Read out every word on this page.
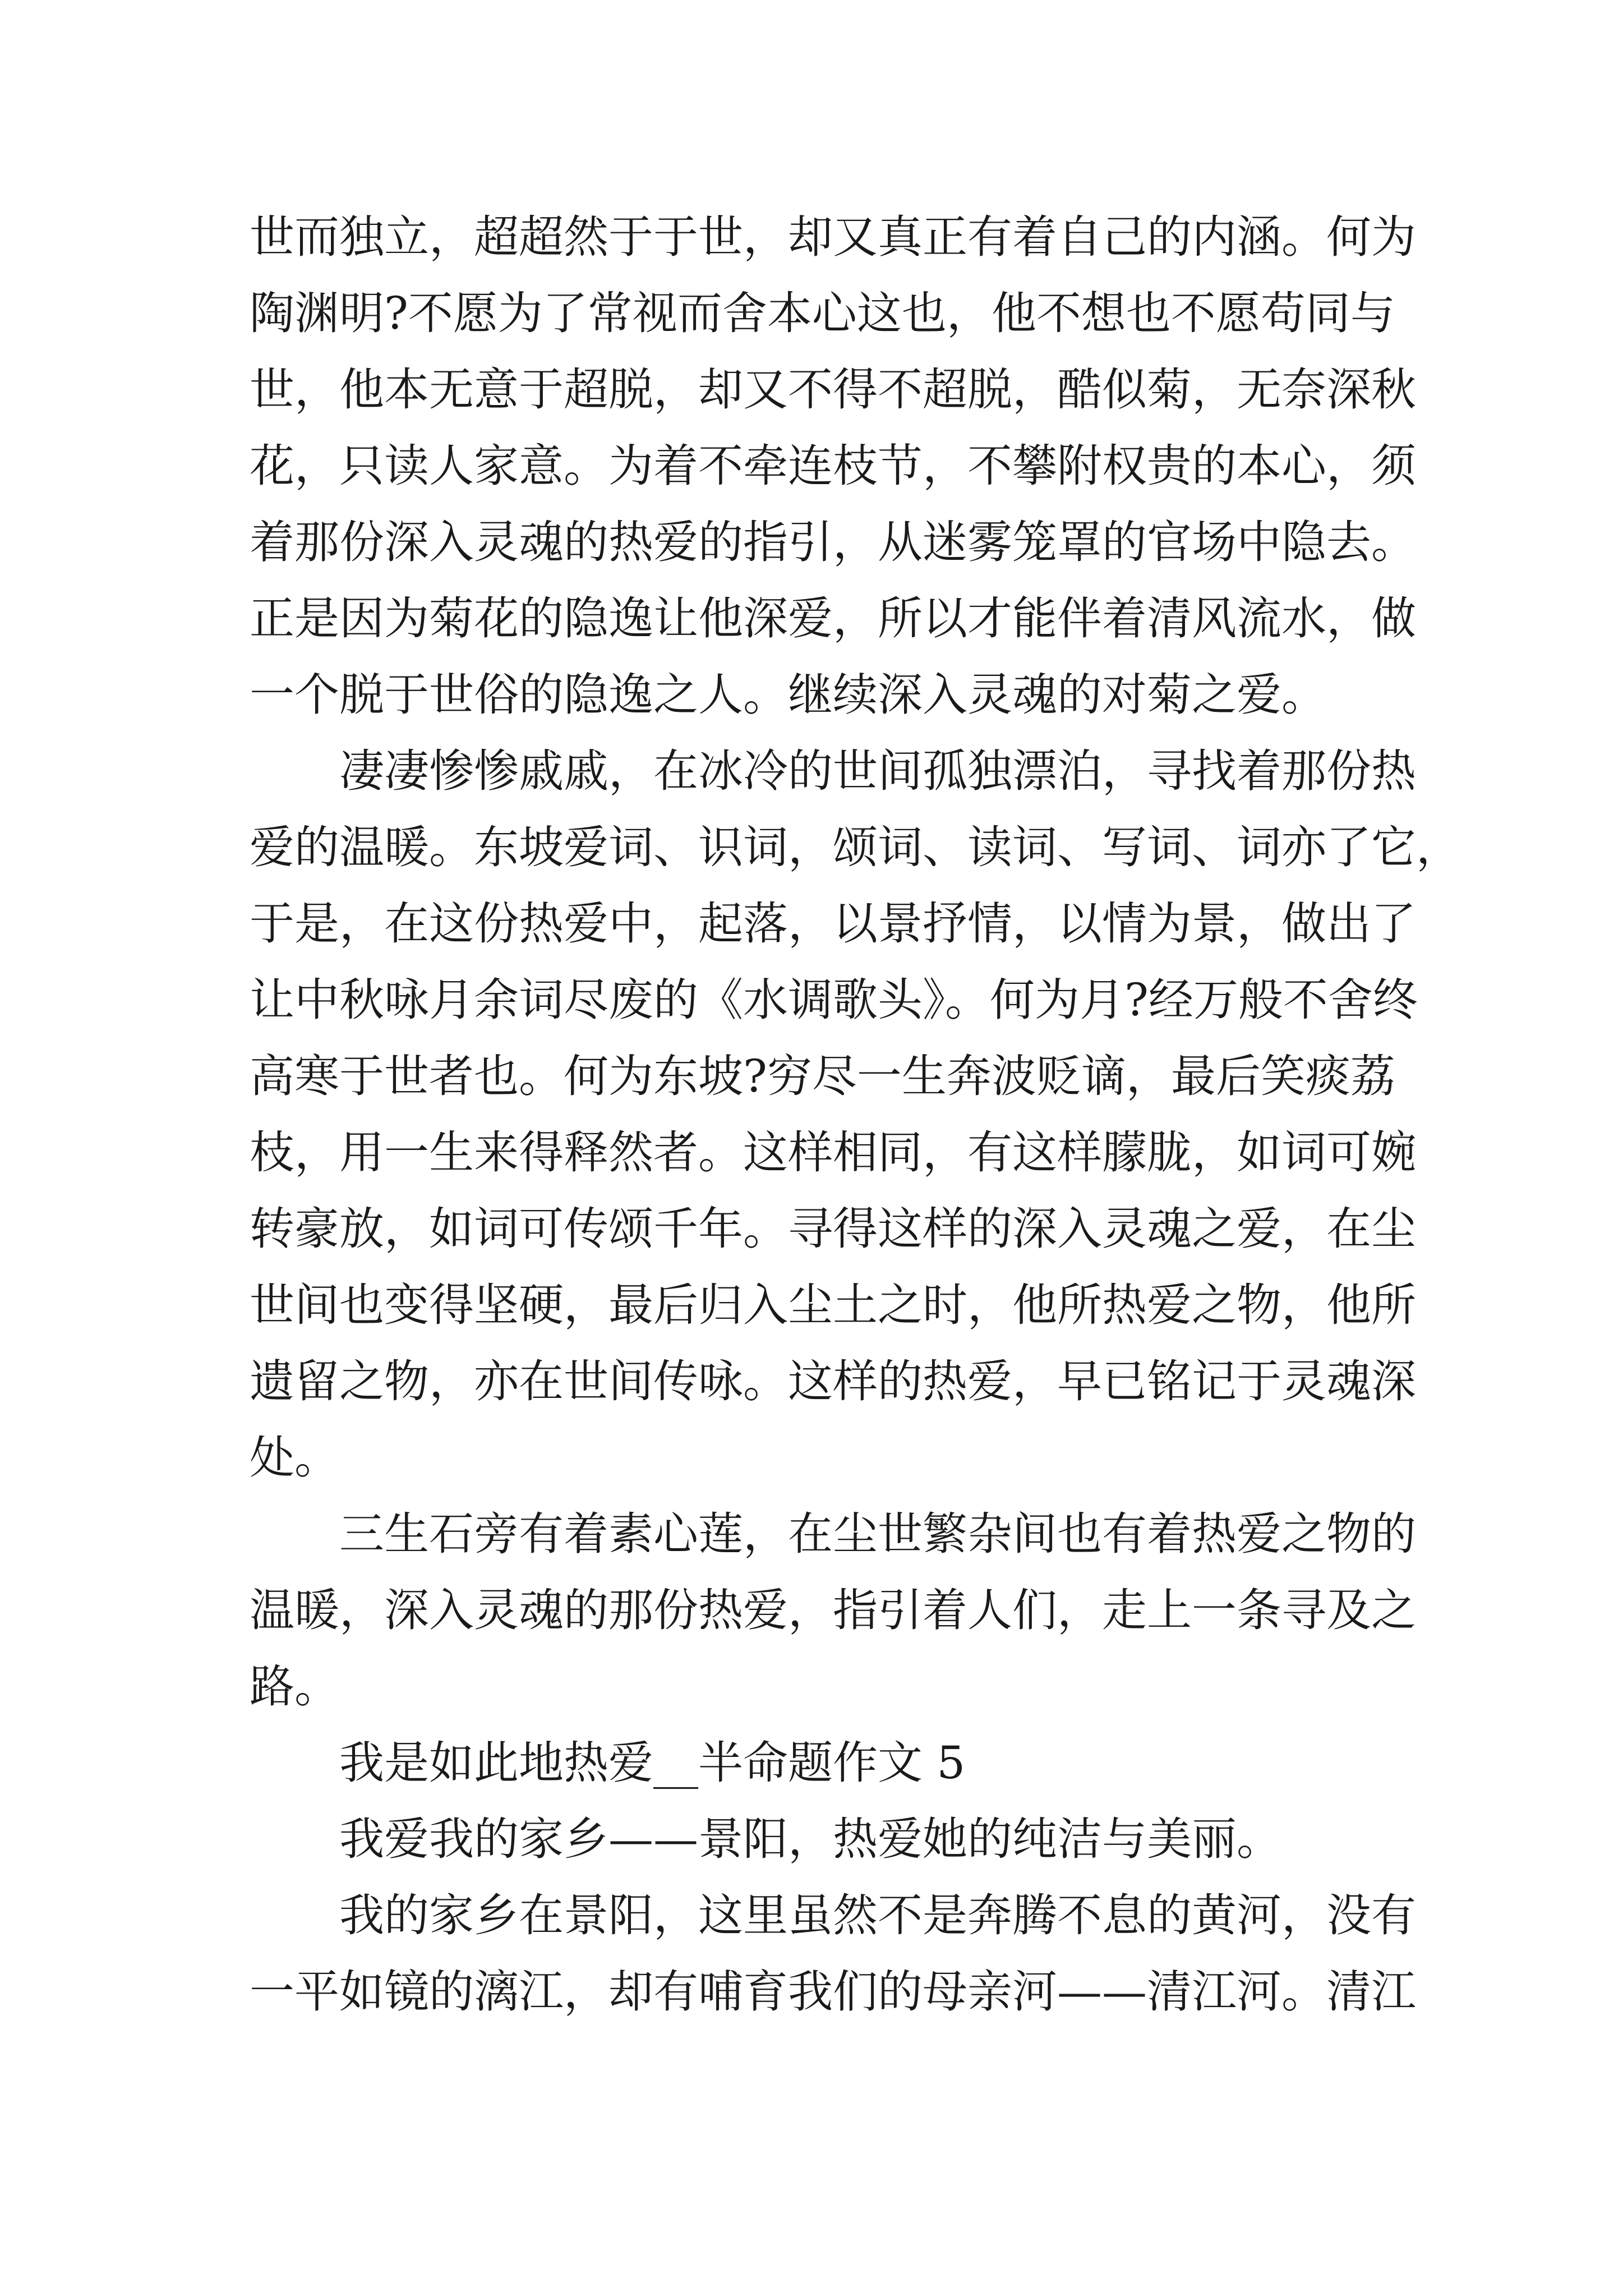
世而独立，超超然于于世，却又真正有着自己的内涵。何为
陶渊明?不愿为了常视而舍本心这也，他不想也不愿苟同与
世，他本无意于超脱，却又不得不超脱，酷似菊，无奈深秋
花，只读人家意。为着不牵连枝节，不攀附权贵的本心，须
着那份深入灵魂的热爱的指引，从迷雾笼罩的官场中隐去。
正是因为菊花的隐逸让他深爱，所以才能伴着清风流水，做
一个脱于世俗的隐逸之人。继续深入灵魂的对菊之爱。
凄凄惨惨戚戚，在冰冷的世间孤独漂泊，寻找着那份热
爱的温暖。东坡爱词、识词，颂词、读词、写词、词亦了它，
于是，在这份热爱中，起落，以景抒情，以情为景，做出了
让中秋咏月余词尽废的《水调歌头》。何为月?经万般不舍终
高寒于世者也。何为东坡?穷尽一生奔波贬谪，最后笑痰荔
枝，用一生来得释然者。这样相同，有这样朦胧，如词可婉
转豪放，如词可传颂千年。寻得这样的深入灵魂之爱，在尘
世间也变得坚硬，最后归入尘土之时，他所热爱之物，他所
遗留之物，亦在世间传咏。这样的热爱，早已铭记于灵魂深
处。
三生石旁有着素心莲，在尘世繁杂间也有着热爱之物的
温暖，深入灵魂的那份热爱，指引着人们，走上一条寻及之
路。
我是如此地热爱__半命题作文 5
我爱我的家乡——景阳，热爱她的纯洁与美丽。
我的家乡在景阳，这里虽然不是奔腾不息的黄河，没有
一平如镜的漓江，却有哺育我们的母亲河——清江河。清江
